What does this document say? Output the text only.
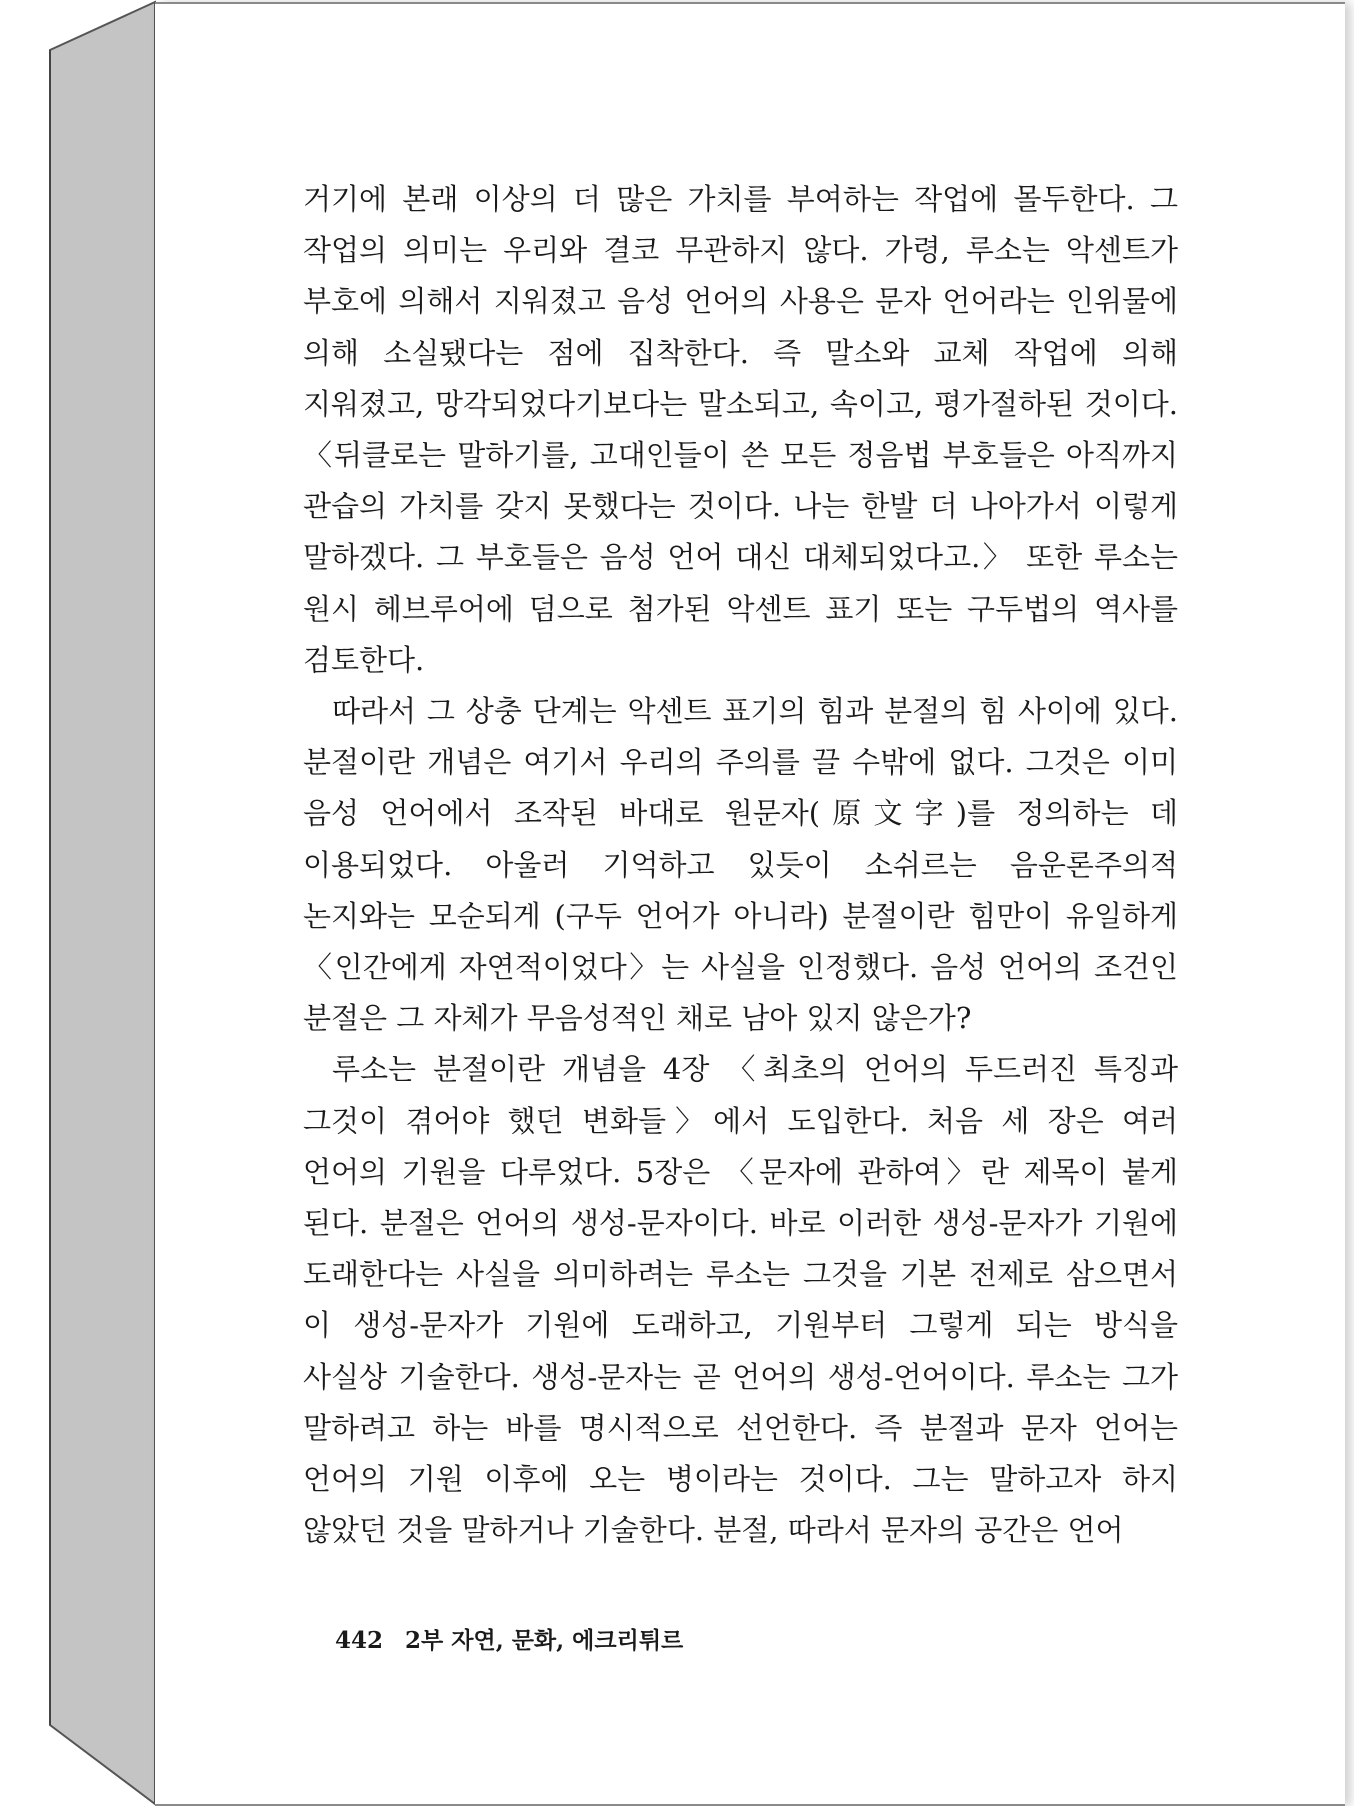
거기에 본래 이상의 더 많은 가치를 부여하는 작업에 몰두한다. 그 작업의 의미는 우리와 결코 무관하지 않다. 가령, 루소는 악센트가 부호에 의해서 지워졌고 음성 언어의 사용은 문자 언어라는 인위물에 의해 소실됐다는 점에 집착한다. 즉 말소와 교체 작업에 의해 지워졌고, 망각되었다기보다는 말소되고, 속이고, 평가절하된 것이다. 〈뒤클로는 말하기를, 고대인들이 쓴 모든 정음법 부호들은 아직까지 관습의 가치를 갖지 못했다는 것이다. 나는 한발 더 나아가서 이렇게 말하겠다. 그 부호들은 음성 언어 대신 대체되었다고.〉 또한 루소는 원시 헤브루어에 덤으로 첨가된 악센트 표기 또는 구두법의 역사를 검토한다.

따라서 그 상충 단계는 악센트 표기의 힘과 분절의 힘 사이에 있다. 분절이란 개념은 여기서 우리의 주의를 끌 수밖에 없다. 그것은 이미 음성 언어에서 조작된 바대로 원문자(原文字)를 정의하는 데 이용되었다. 아울러 기억하고 있듯이 소쉬르는 음운론주의적 논지와는 모순되게 (구두 언어가 아니라) 분절이란 힘만이 유일하게 〈인간에게 자연적이었다〉는 사실을 인정했다. 음성 언어의 조건인 분절은 그 자체가 무음성적인 채로 남아 있지 않은가?

루소는 분절이란 개념을 4장 〈최초의 언어의 두드러진 특징과 그것이 겪어야 했던 변화들〉에서 도입한다. 처음 세 장은 여러 언어의 기원을 다루었다. 5장은 〈문자에 관하여〉란 제목이 붙게 된다. 분절은 언어의 생성-문자이다. 바로 이러한 생성-문자가 기원에 도래한다는 사실을 의미하려는 루소는 그것을 기본 전제로 삼으면서 이 생성-문자가 기원에 도래하고, 기원부터 그렇게 되는 방식을 사실상 기술한다. 생성-문자는 곧 언어의 생성-언어이다. 루소는 그가 말하려고 하는 바를 명시적으로 선언한다. 즉 분절과 문자 언어는 언어의 기원 이후에 오는 병이라는 것이다. 그는 말하고자 하지 않았던 것을 말하거나 기술한다. 분절, 따라서 문자의 공간은 언어

442 2부 자연, 문화, 에크리튀르
